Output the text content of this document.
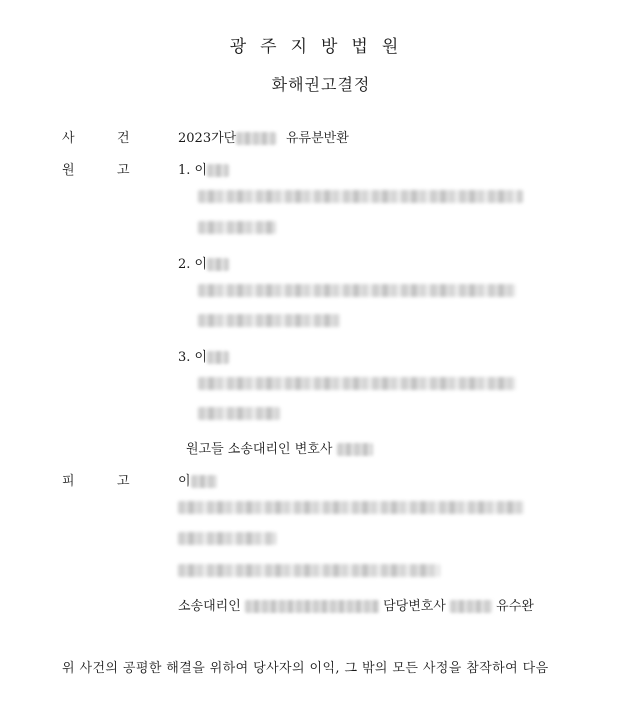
광주지방법원
화해권고결정
사	건	2023가단	유류분반환
원	고	1. 이
2. 이
3. 이
원고들 소송대리인 변호사
피	고	이
소송대리인	담당변호사	유수완
위 사건의 공평한 해결을 위하여 당사자의 이익, 그 밖의 모든 사정을 참작하여 다음
